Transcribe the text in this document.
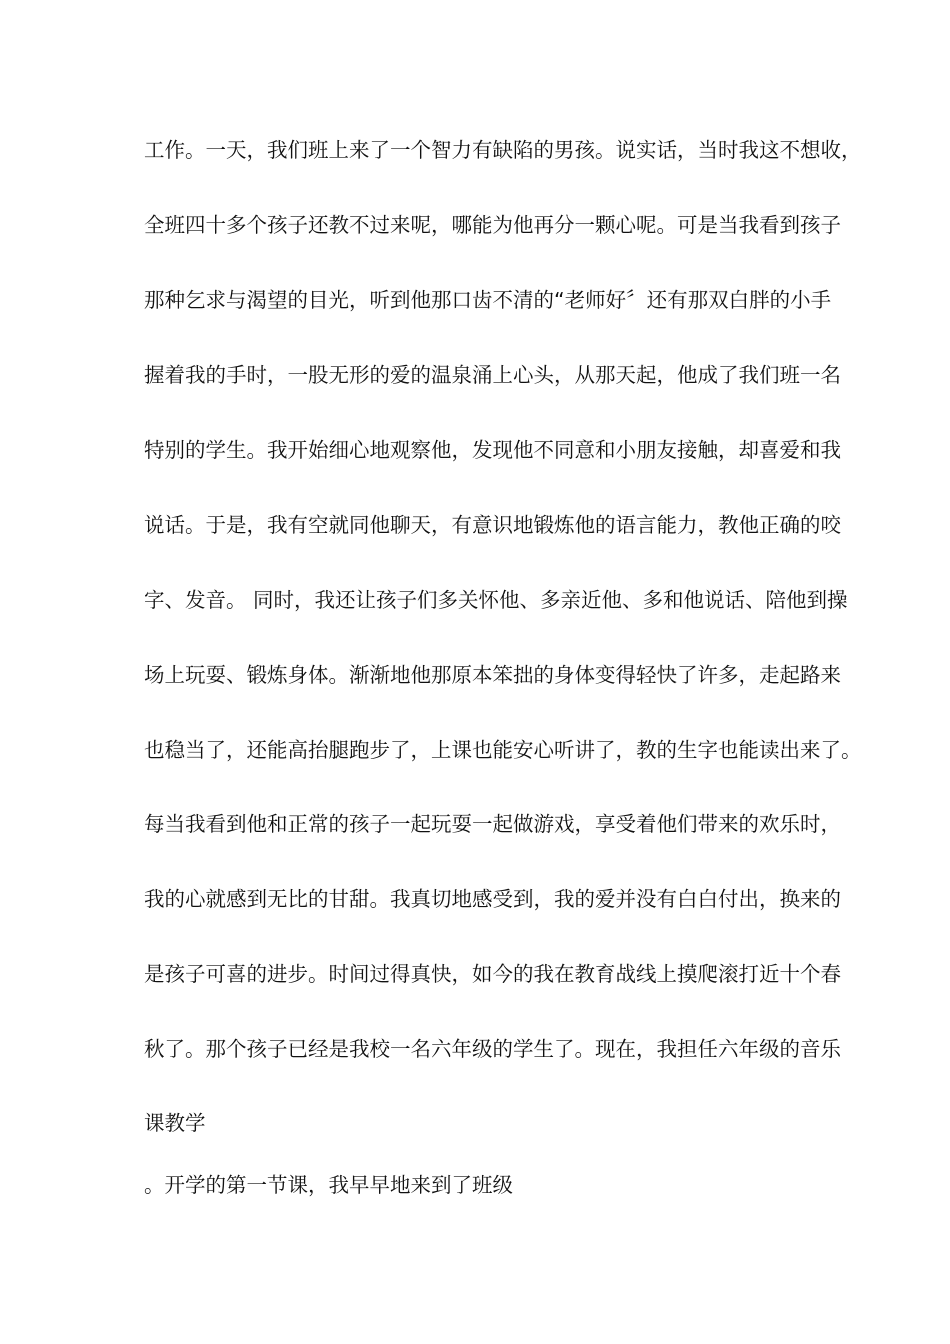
工作。一天，我们班上来了一个智力有缺陷的男孩。说实话，当时我这不想收，
全班四十多个孩子还教不过来呢，哪能为他再分一颗心呢。可是当我看到孩子
那种乞求与渴望的目光，听到他那口齿不清的“老师好〞还有那双白胖的小手
握着我的手时，一股无形的爱的温泉涌上心头，从那天起，他成了我们班一名
特别的学生。我开始细心地观察他，发现他不同意和小朋友接触，却喜爱和我
说话。于是，我有空就同他聊天，有意识地锻炼他的语言能力，教他正确的咬
字、发音。 同时，我还让孩子们多关怀他、多亲近他、多和他说话、陪他到操
场上玩耍、锻炼身体。渐渐地他那原本笨拙的身体变得轻快了许多，走起路来
也稳当了，还能高抬腿跑步了，上课也能安心听讲了，教的生字也能读出来了。
每当我看到他和正常的孩子一起玩耍一起做游戏，享受着他们带来的欢乐时，
我的心就感到无比的甘甜。我真切地感受到，我的爱并没有白白付出，换来的
是孩子可喜的进步。时间过得真快，如今的我在教育战线上摸爬滚打近十个春
秋了。那个孩子已经是我校一名六年级的学生了。现在，我担任六年级的音乐
课教学
。开学的第一节课，我早早地来到了班级
